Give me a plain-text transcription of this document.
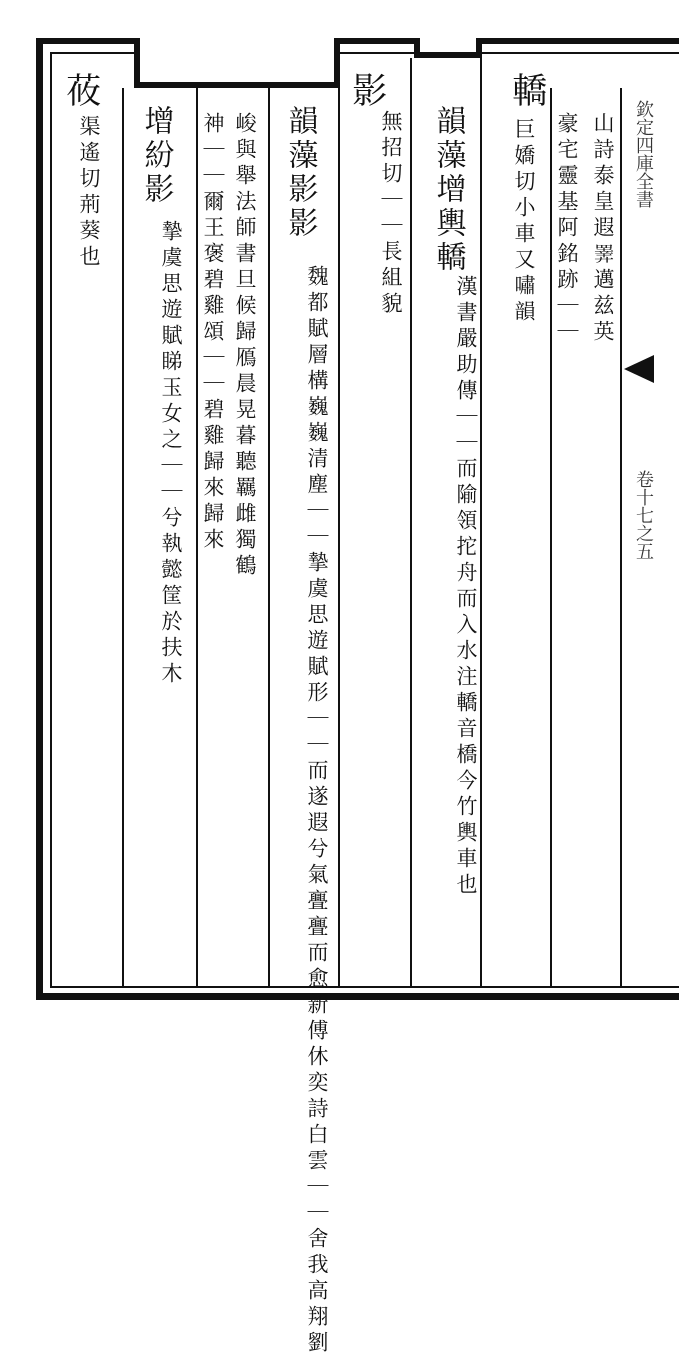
欽定四庫全書
卷十七之五
山詩泰皇遐𢍰邁兹英
豪宅靈基阿銘跡｜｜
轎
巨嬌切小車又嘯韻
韻藻增輿轎
漢書嚴助傳｜｜而隃領拕舟而入水注轎音橋今竹輿車也
影
無招切｜｜長組貌
韻藻影影
魏都賦層構巍巍清塵｜｜摯虞思遊賦形｜｜而遂遐兮氣亹亹而愈新傅休奕詩白雲｜｜舍我高翔劉
峻與舉法師書旦候歸鴈晨晃暮聽羈雌獨鶴
神｜｜爾王褒碧雞頌｜｜碧雞歸來歸來
增紛影
摯虞思遊賦睇玉女之｜｜兮執懿筐於扶木
莜
渠遙切荊葵也
